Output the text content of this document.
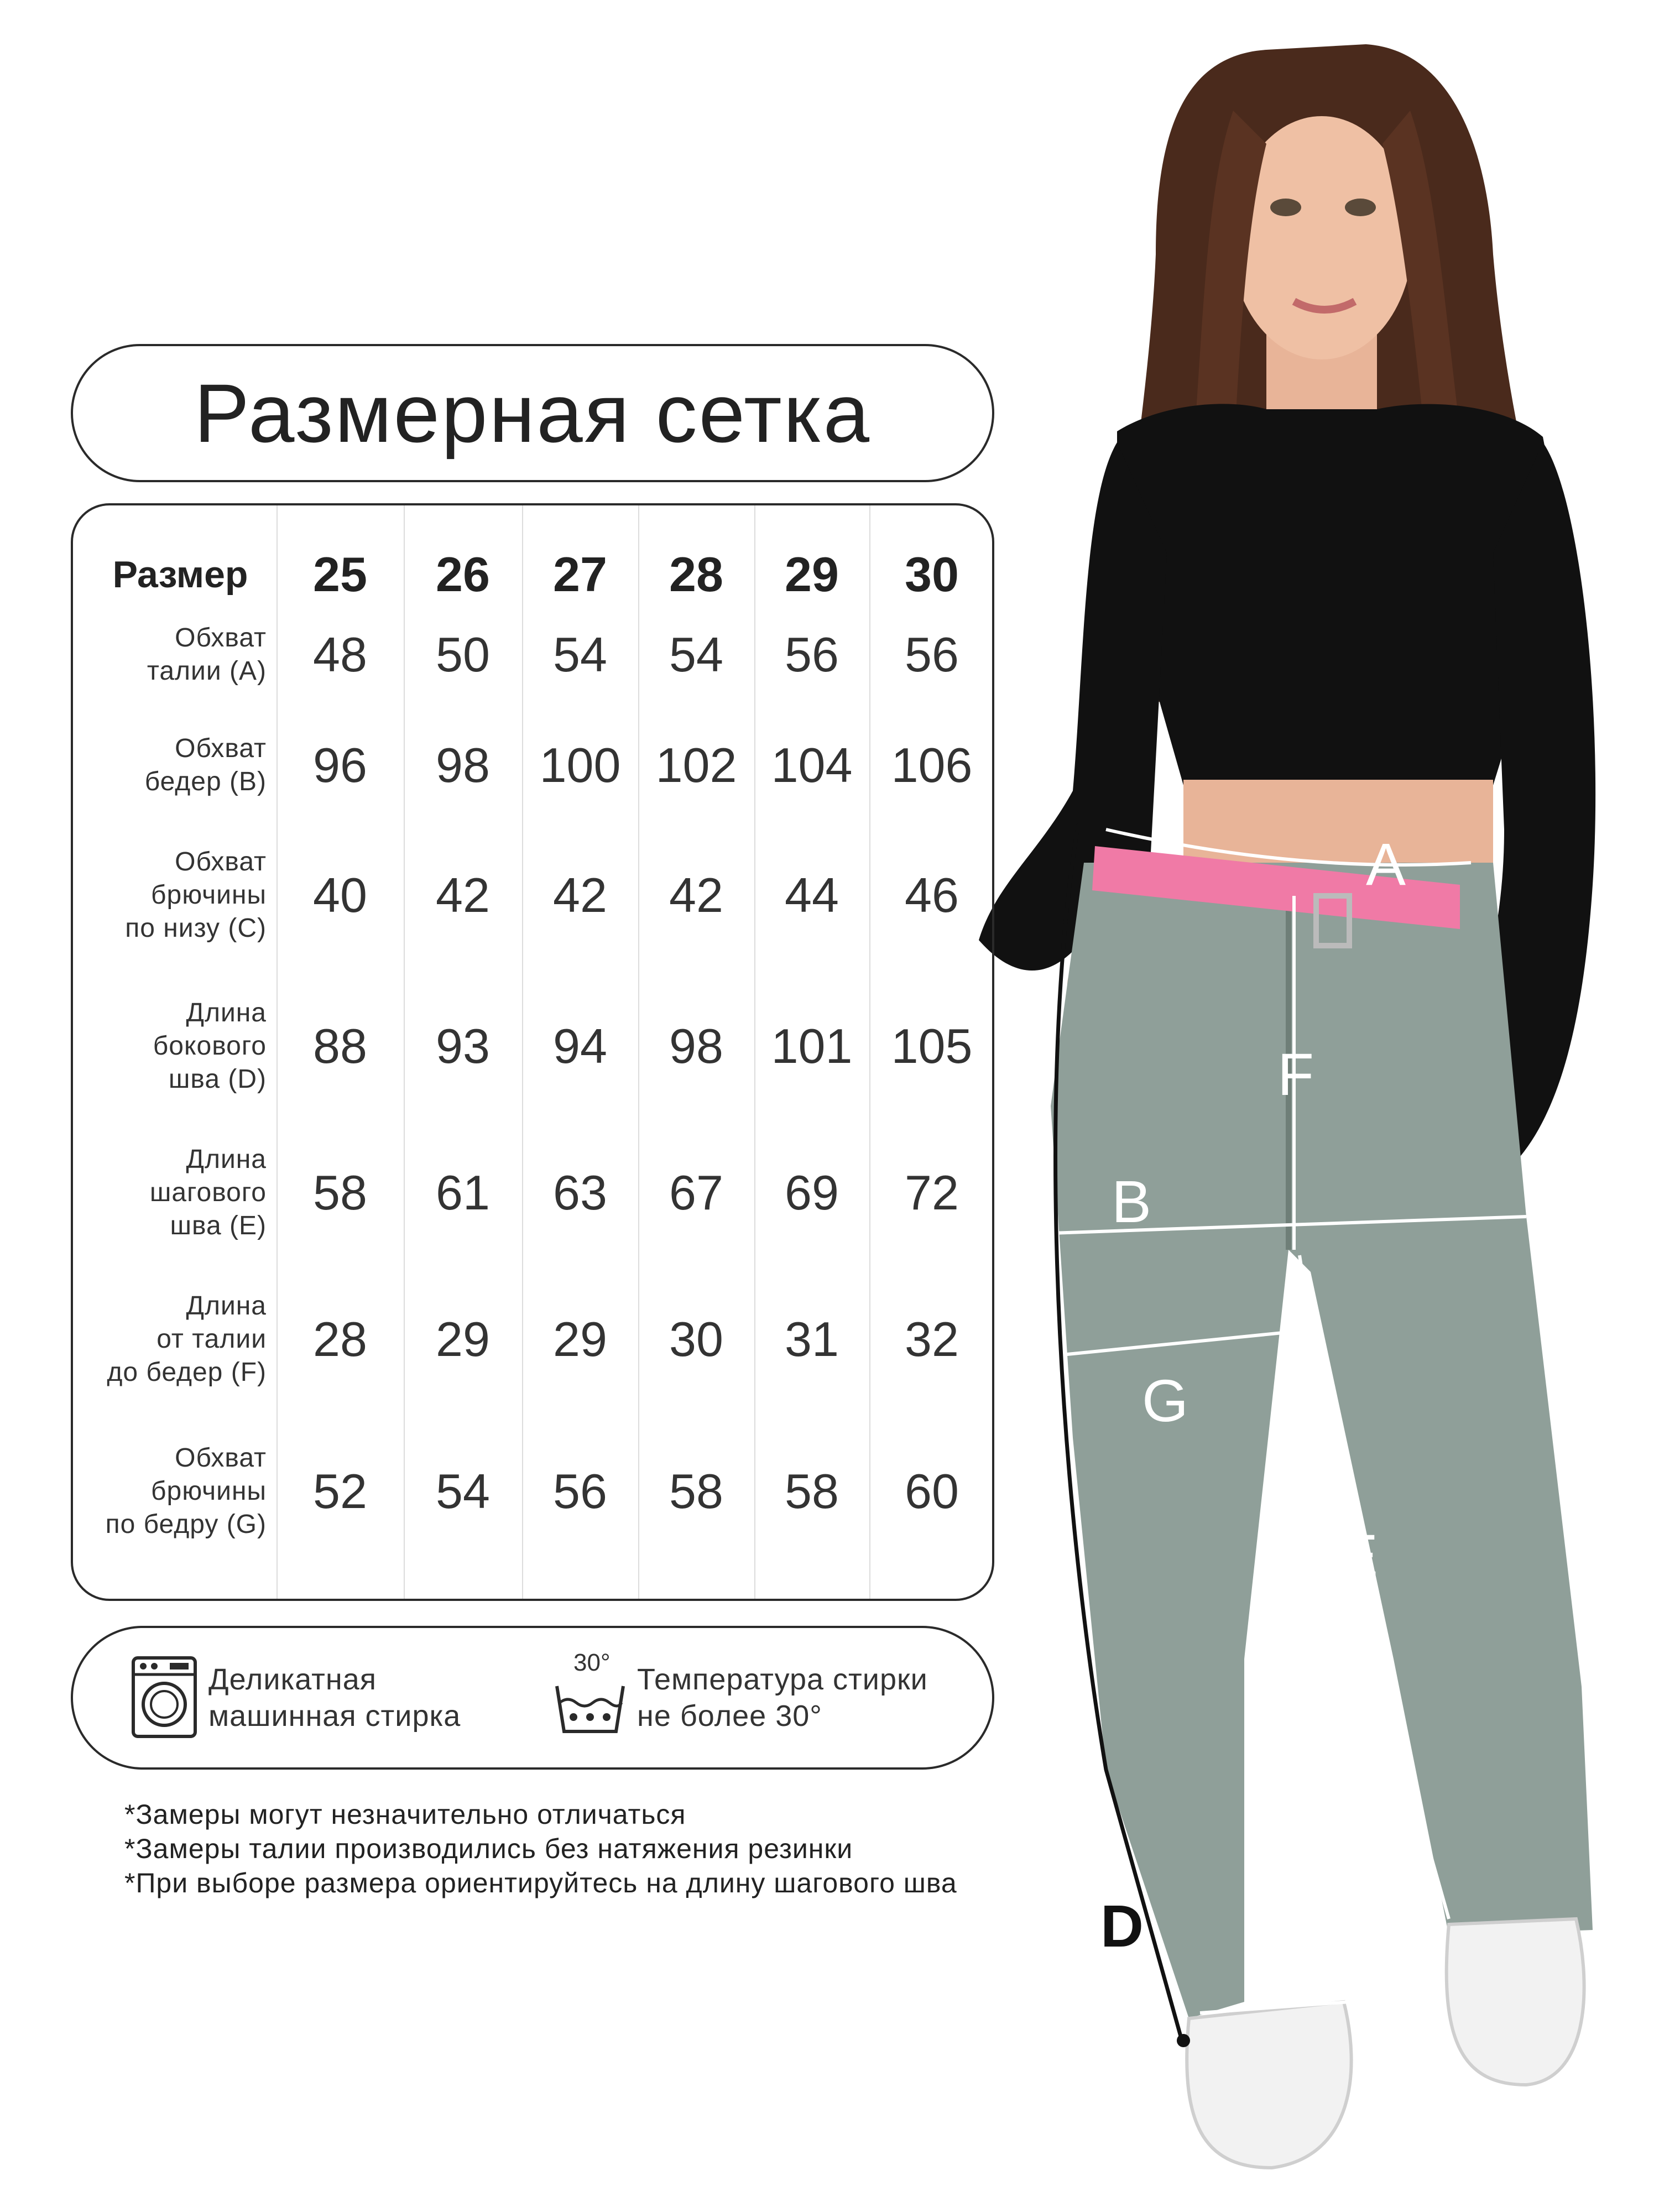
A
F
B
G
E
C
D
Размерная сетка
Размер	25	26	27	28	29	30
Обхват
талии (A) 48	50	54	54	56	56
Обхват
бедер (B) 96	98	100 102 104 106
Обхват
брючины
по низу (C)
40	42	42	42	44	46
Длина
бокового
шва (D)
88	93	94	98 101 105
Длина
шагового
шва (E)
58	61	63	67	69	72
Длина
от талии
до бедер (F)
28	29	29	30	31	32
Обхват
брючины
по бедру (G)
52	54	56	58	58	60
Деликатная
машинная стирка
30°
Температура стирки
не более 30°
*Замеры могут незначительно отличаться
*Замеры талии производились без натяжения резинки
*При выборе размера ориентируйтесь на длину шагового шва
